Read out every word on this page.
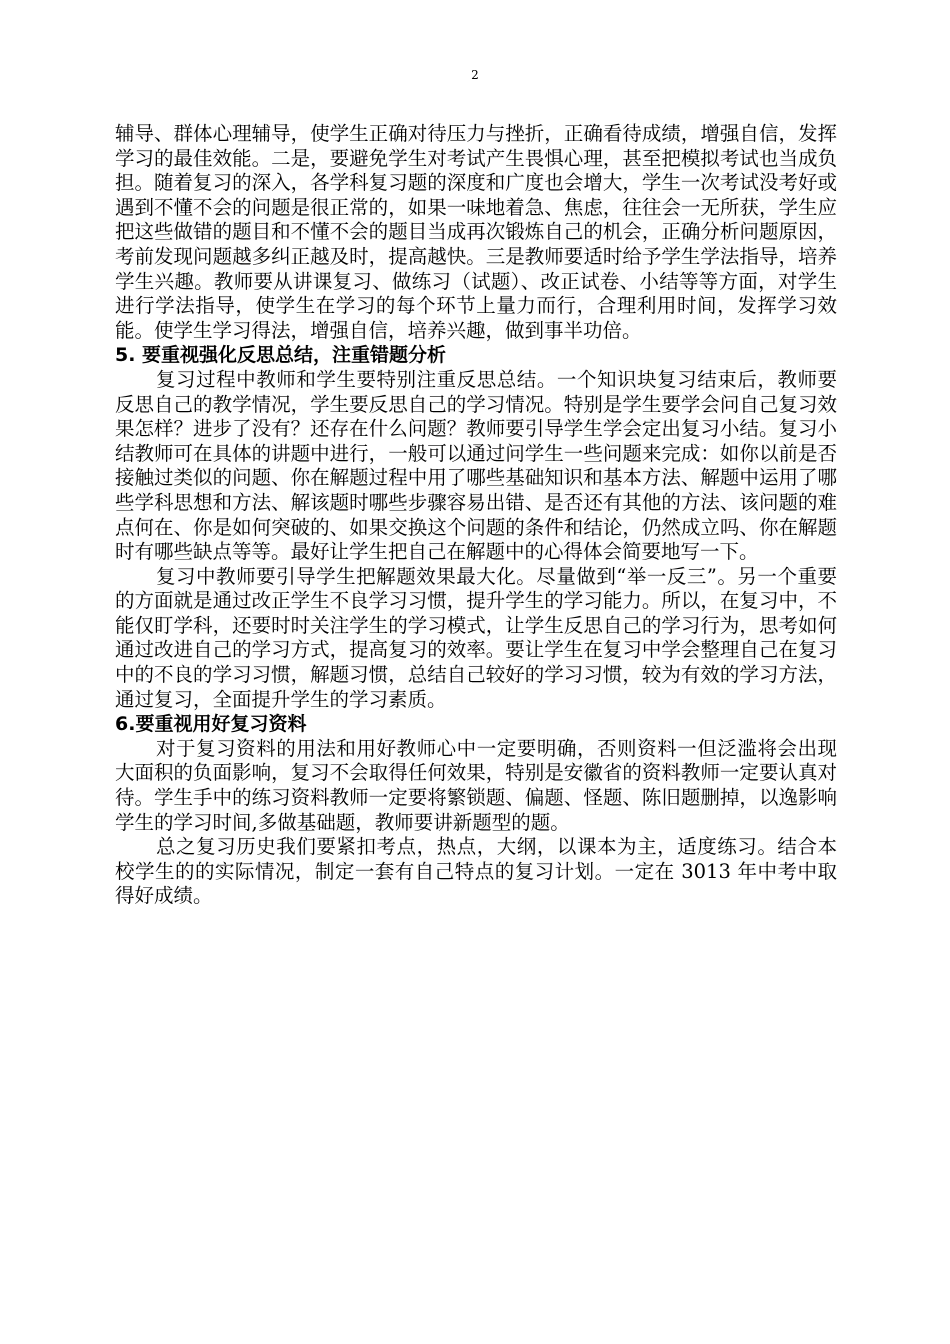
2

辅导、群体心理辅导，使学生正确对待压力与挫折，正确看待成绩，增强自信，发挥学习的最佳效能。二是，要避免学生对考试产生畏惧心理，甚至把模拟考试也当成负担。随着复习的深入，各学科复习题的深度和广度也会增大，学生一次考试没考好或遇到不懂不会的问题是很正常的，如果一味地着急、焦虑，往往会一无所获，学生应把这些做错的题目和不懂不会的题目当成再次锻炼自己的机会，正确分析问题原因，考前发现问题越多纠正越及时，提高越快。三是教师要适时给予学生学法指导，培养学生兴趣。教师要从讲课复习、做练习（试题）、改正试卷、小结等等方面，对学生进行学法指导，使学生在学习的每个环节上量力而行，合理利用时间，发挥学习效能。使学生学习得法，增强自信，培养兴趣，做到事半功倍。

5. 要重视强化反思总结，注重错题分析

复习过程中教师和学生要特别注重反思总结。一个知识块复习结束后，教师要反思自己的教学情况，学生要反思自己的学习情况。特别是学生要学会问自己复习效果怎样？进步了没有？还存在什么问题？教师要引导学生学会定出复习小结。复习小结教师可在具体的讲题中进行，一般可以通过问学生一些问题来完成：如你以前是否接触过类似的问题、你在解题过程中用了哪些基础知识和基本方法、解题中运用了哪些学科思想和方法、解该题时哪些步骤容易出错、是否还有其他的方法、该问题的难点何在、你是如何突破的、如果交换这个问题的条件和结论，仍然成立吗、你在解题时有哪些缺点等等。最好让学生把自己在解题中的心得体会简要地写一下。

复习中教师要引导学生把解题效果最大化。尽量做到“举一反三”。另一个重要的方面就是通过改正学生不良学习习惯，提升学生的学习能力。所以，在复习中，不能仅盯学科，还要时时关注学生的学习模式，让学生反思自己的学习行为，思考如何通过改进自己的学习方式，提高复习的效率。要让学生在复习中学会整理自己在复习中的不良的学习习惯，解题习惯，总结自己较好的学习习惯，较为有效的学习方法，通过复习，全面提升学生的学习素质。

6.要重视用好复习资料

对于复习资料的用法和用好教师心中一定要明确，否则资料一但泛滥将会出现大面积的负面影响，复习不会取得任何效果，特别是安徽省的资料教师一定要认真对待。学生手中的练习资料教师一定要将繁锁题、偏题、怪题、陈旧题删掉，以逸影响学生的学习时间,多做基础题，教师要讲新题型的题。

总之复习历史我们要紧扣考点，热点，大纲，以课本为主，适度练习。结合本校学生的的实际情况，制定一套有自己特点的复习计划。一定在 3013 年中考中取得好成绩。
